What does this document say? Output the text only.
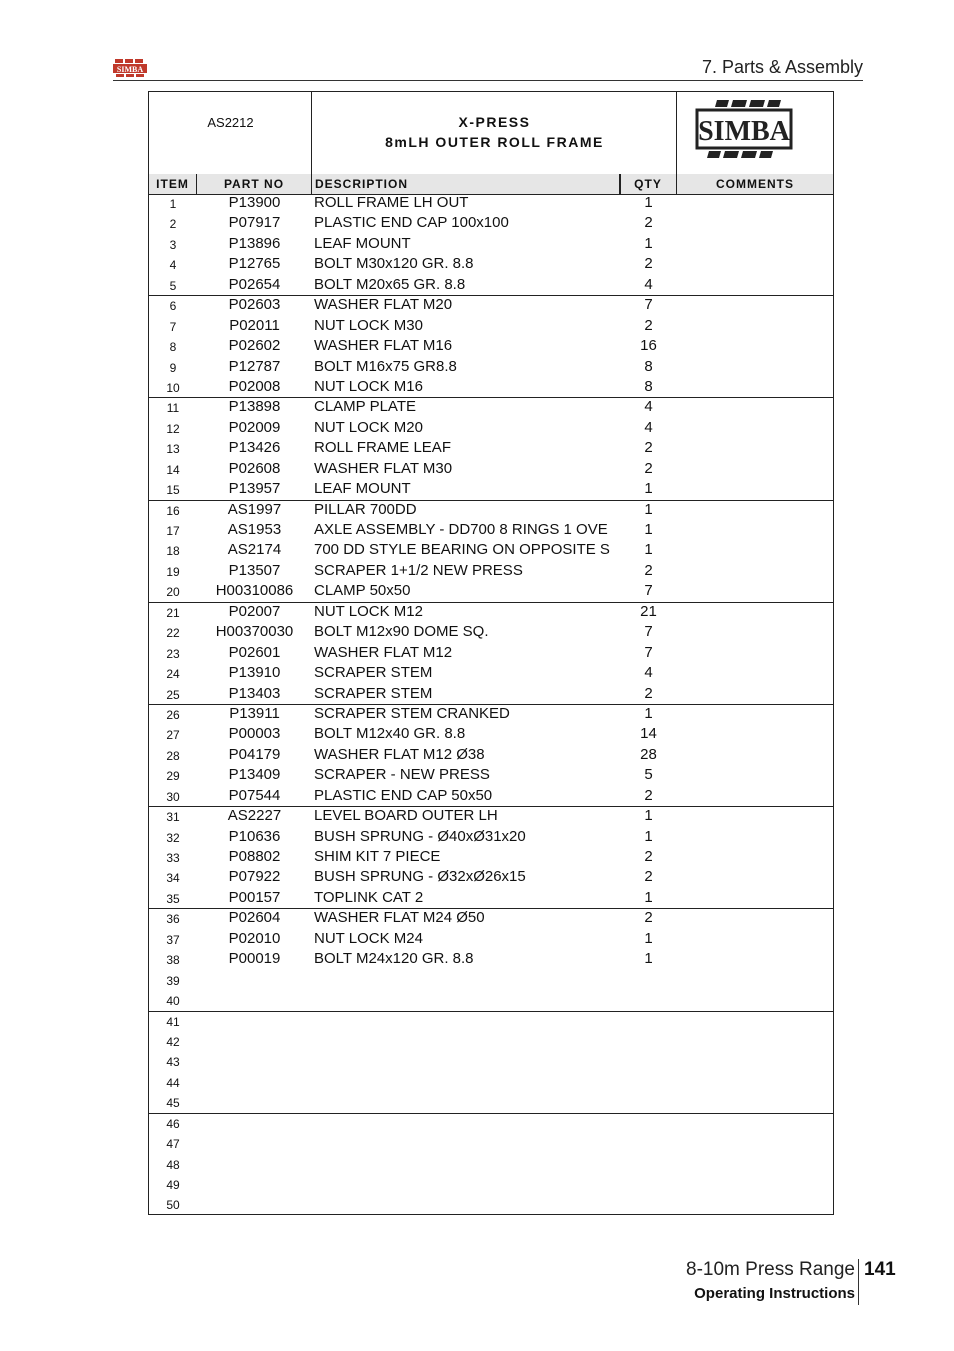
SIMBA	7. Parts & Assembly
AS2212	X-PRESS
8mLH OUTER ROLL FRAME	SIMBA
ITEM	PART NO	DESCRIPTION	QTY	COMMENTS
1	P13900	ROLL FRAME LH OUT	1
2	P07917	PLASTIC END CAP 100x100	2
3	P13896	LEAF MOUNT	1
4	P12765	BOLT M30x120 GR. 8.8	2
5	P02654	BOLT M20x65 GR. 8.8	4
6	P02603	WASHER FLAT M20	7
7	P02011	NUT LOCK M30	2
8	P02602	WASHER FLAT M16	16
9	P12787	BOLT M16x75 GR8.8	8
10	P02008	NUT LOCK M16	8
11	P13898	CLAMP PLATE	4
12	P02009	NUT LOCK M20	4
13	P13426	ROLL FRAME LEAF	2
14	P02608	WASHER FLAT M30	2
15	P13957	LEAF MOUNT	1
16	AS1997	PILLAR 700DD	1
17	AS1953	AXLE ASSEMBLY - DD700 8 RINGS 1 OVE	1
18	AS2174	700 DD STYLE BEARING ON OPPOSITE S	1
19	P13507	SCRAPER 1+1/2 NEW PRESS	2
20	H00310086	CLAMP 50x50	7
21	P02007	NUT LOCK M12	21
22	H00370030	BOLT M12x90 DOME SQ.	7
23	P02601	WASHER FLAT M12	7
24	P13910	SCRAPER STEM	4
25	P13403	SCRAPER STEM	2
26	P13911	SCRAPER STEM CRANKED	1
27	P00003	BOLT M12x40 GR. 8.8	14
28	P04179	WASHER FLAT M12 Ø38	28
29	P13409	SCRAPER - NEW PRESS	5
30	P07544	PLASTIC END CAP 50x50	2
31	AS2227	LEVEL BOARD OUTER LH	1
32	P10636	BUSH SPRUNG - Ø40xØ31x20	1
33	P08802	SHIM KIT 7 PIECE	2
34	P07922	BUSH SPRUNG - Ø32xØ26x15	2
35	P00157	TOPLINK CAT 2	1
36	P02604	WASHER FLAT M24 Ø50	2
37	P02010	NUT LOCK M24	1
38	P00019	BOLT M24x120 GR. 8.8	1
39
40
41
42
43
44
45
46
47
48
49
50
8-10m Press Range
Operating Instructions
141
